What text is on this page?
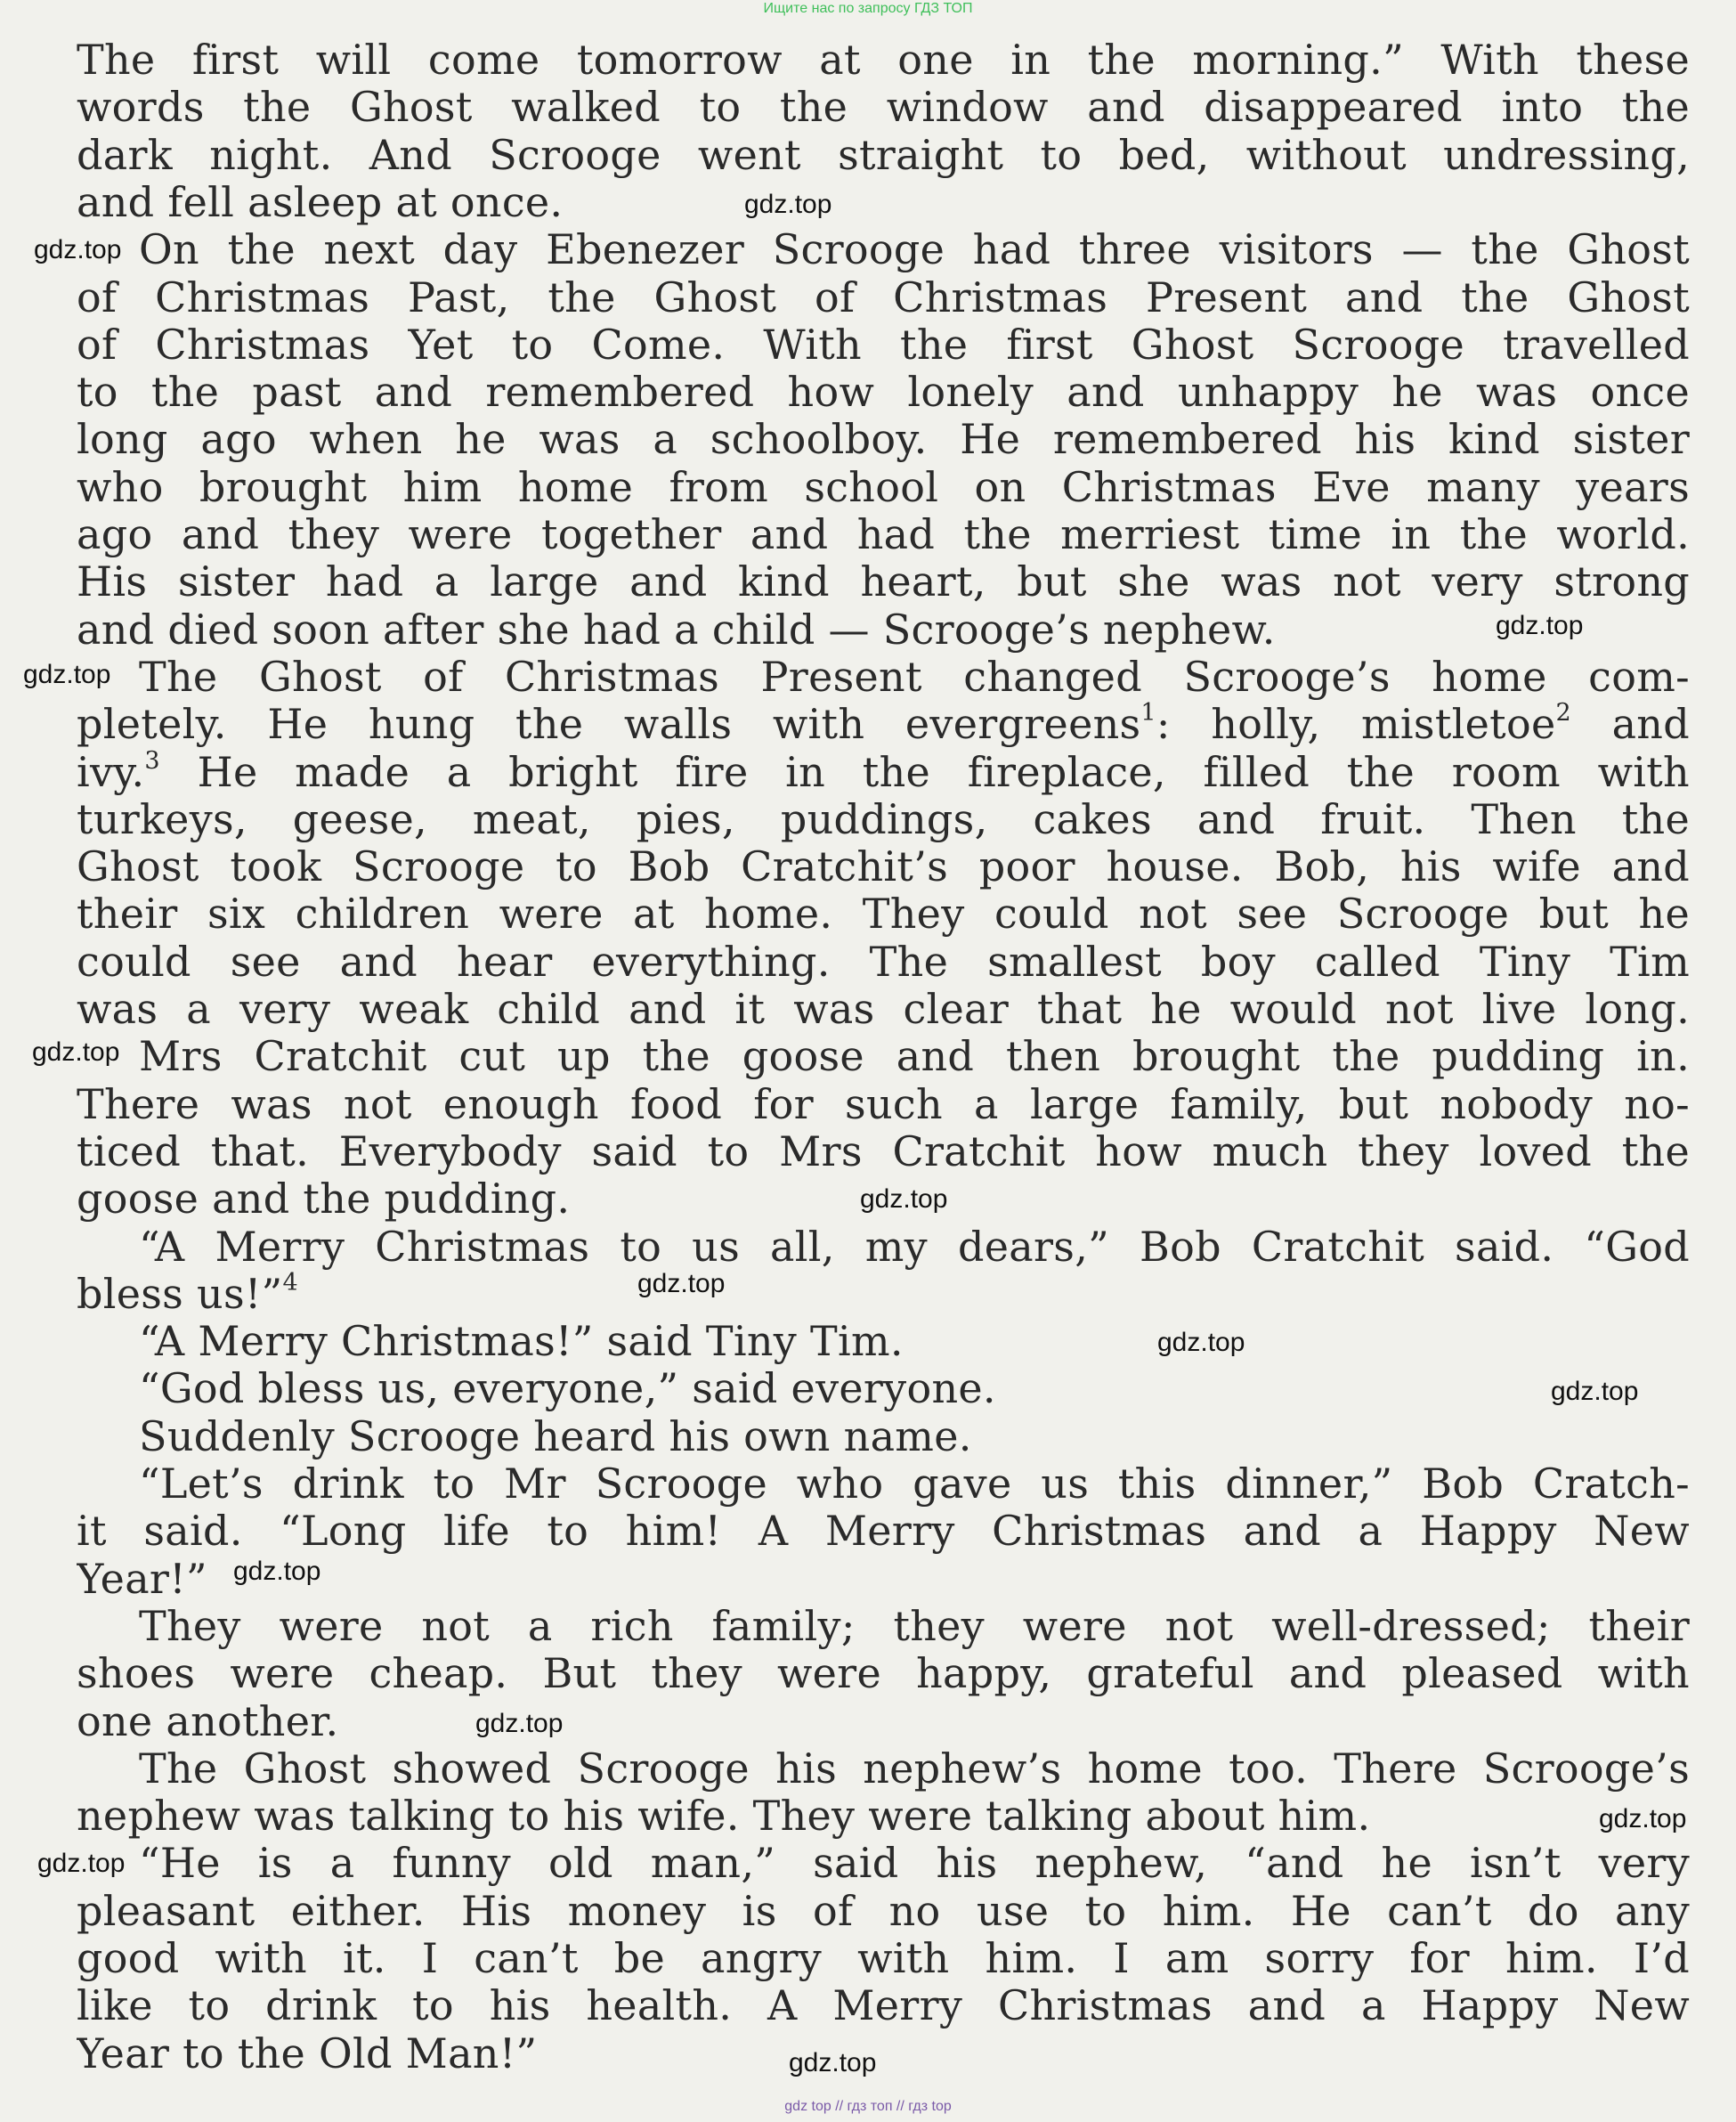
Ищите нас по запросу ГДЗ ТОП
The first will come tomorrow at one in the morning.” With these
words the Ghost walked to the window and disappeared into the
dark night. And Scrooge went straight to bed, without undressing,
and fell asleep at once.
On the next day Ebenezer Scrooge had three visitors — the Ghost
of Christmas Past, the Ghost of Christmas Present and the Ghost
of Christmas Yet to Come. With the first Ghost Scrooge travelled
to the past and remembered how lonely and unhappy he was once
long ago when he was a schoolboy. He remembered his kind sister
who brought him home from school on Christmas Eve many years
ago and they were together and had the merriest time in the world.
His sister had a large and kind heart, but she was not very strong
and died soon after she had a child — Scrooge’s nephew.
The Ghost of Christmas Present changed Scrooge’s home com-
pletely. He hung the walls with evergreens$^1$: holly, mistletoe$^2$ and
ivy.$^3$ He made a bright fire in the fireplace, filled the room with
turkeys, geese, meat, pies, puddings, cakes and fruit. Then the
Ghost took Scrooge to Bob Cratchit’s poor house. Bob, his wife and
their six children were at home. They could not see Scrooge but he
could see and hear everything. The smallest boy called Tiny Tim
was a very weak child and it was clear that he would not live long.
Mrs Cratchit cut up the goose and then brought the pudding in.
There was not enough food for such a large family, but nobody no-
ticed that. Everybody said to Mrs Cratchit how much they loved the
goose and the pudding.
“A Merry Christmas to us all, my dears,” Bob Cratchit said. “God
bless us!”$^4$
“A Merry Christmas!” said Tiny Tim.
“God bless us, everyone,” said everyone.
Suddenly Scrooge heard his own name.
“Let’s drink to Mr Scrooge who gave us this dinner,” Bob Cratch-
it said. “Long life to him! A Merry Christmas and a Happy New
Year!”
They were not a rich family; they were not well-dressed; their
shoes were cheap. But they were happy, grateful and pleased with
one another.
The Ghost showed Scrooge his nephew’s home too. There Scrooge’s
nephew was talking to his wife. They were talking about him.
“He is a funny old man,” said his nephew, “and he isn’t very
pleasant either. His money is of no use to him. He can’t do any
good with it. I can’t be angry with him. I am sorry for him. I’d
like to drink to his health. A Merry Christmas and a Happy New
Year to the Old Man!”
gdz.top
gdz.top
gdz.top
gdz.top
gdz.top
gdz.top
gdz.top
gdz.top
gdz.top
gdz.top
gdz.top
gdz.top
gdz.top
gdz.top
gdz top // гдз топ // гдз top
